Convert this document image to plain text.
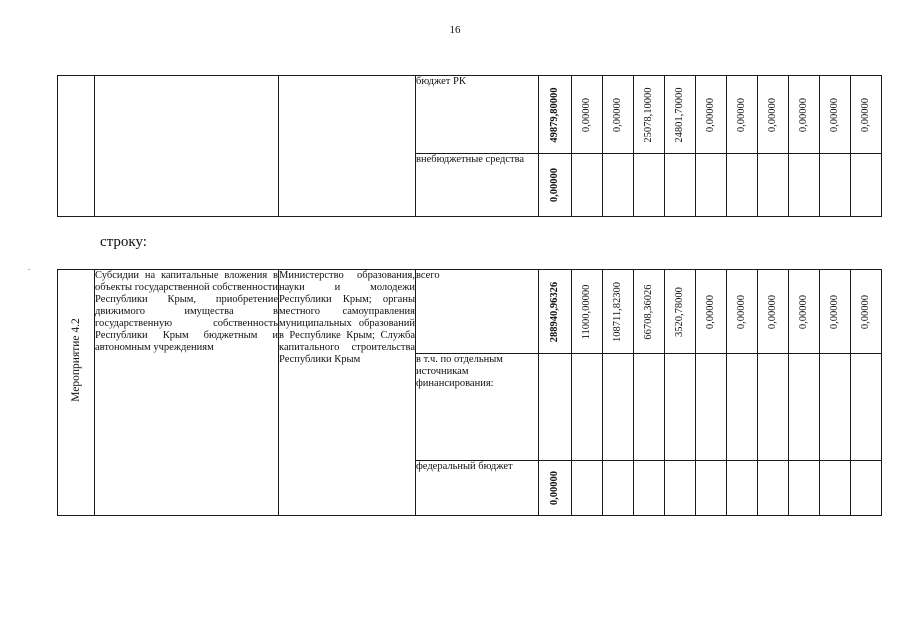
16
			бюджет РК	49879,80000	0,00000	0,00000	25078,10000	24801,70000	0,00000	0,00000	0,00000	0,00000	0,00000	0,00000

			внебюджетные средства	0,00000										

строку:
.
Мероприятие 4.2	Субсидии на капитальные вложения в объекты государственной собственности Республики Крым, приобретение движимого имущества в государственную собственность Республики Крым бюджетным и автономным учреждениям	Министерство образования, науки и молодежи Республики Крым; органы местного самоуправления муниципальных образований в Республике Крым; Служба капитального строительства Республики Крым	всего	288940,96326	11000,00000	108711,82300	66708,36026	3520,78000	0,00000	0,00000	0,00000	0,00000	0,00000	0,00000

			в т.ч. по отдельным источникам финансирования:											
			федеральный бюджет	0,00000										
